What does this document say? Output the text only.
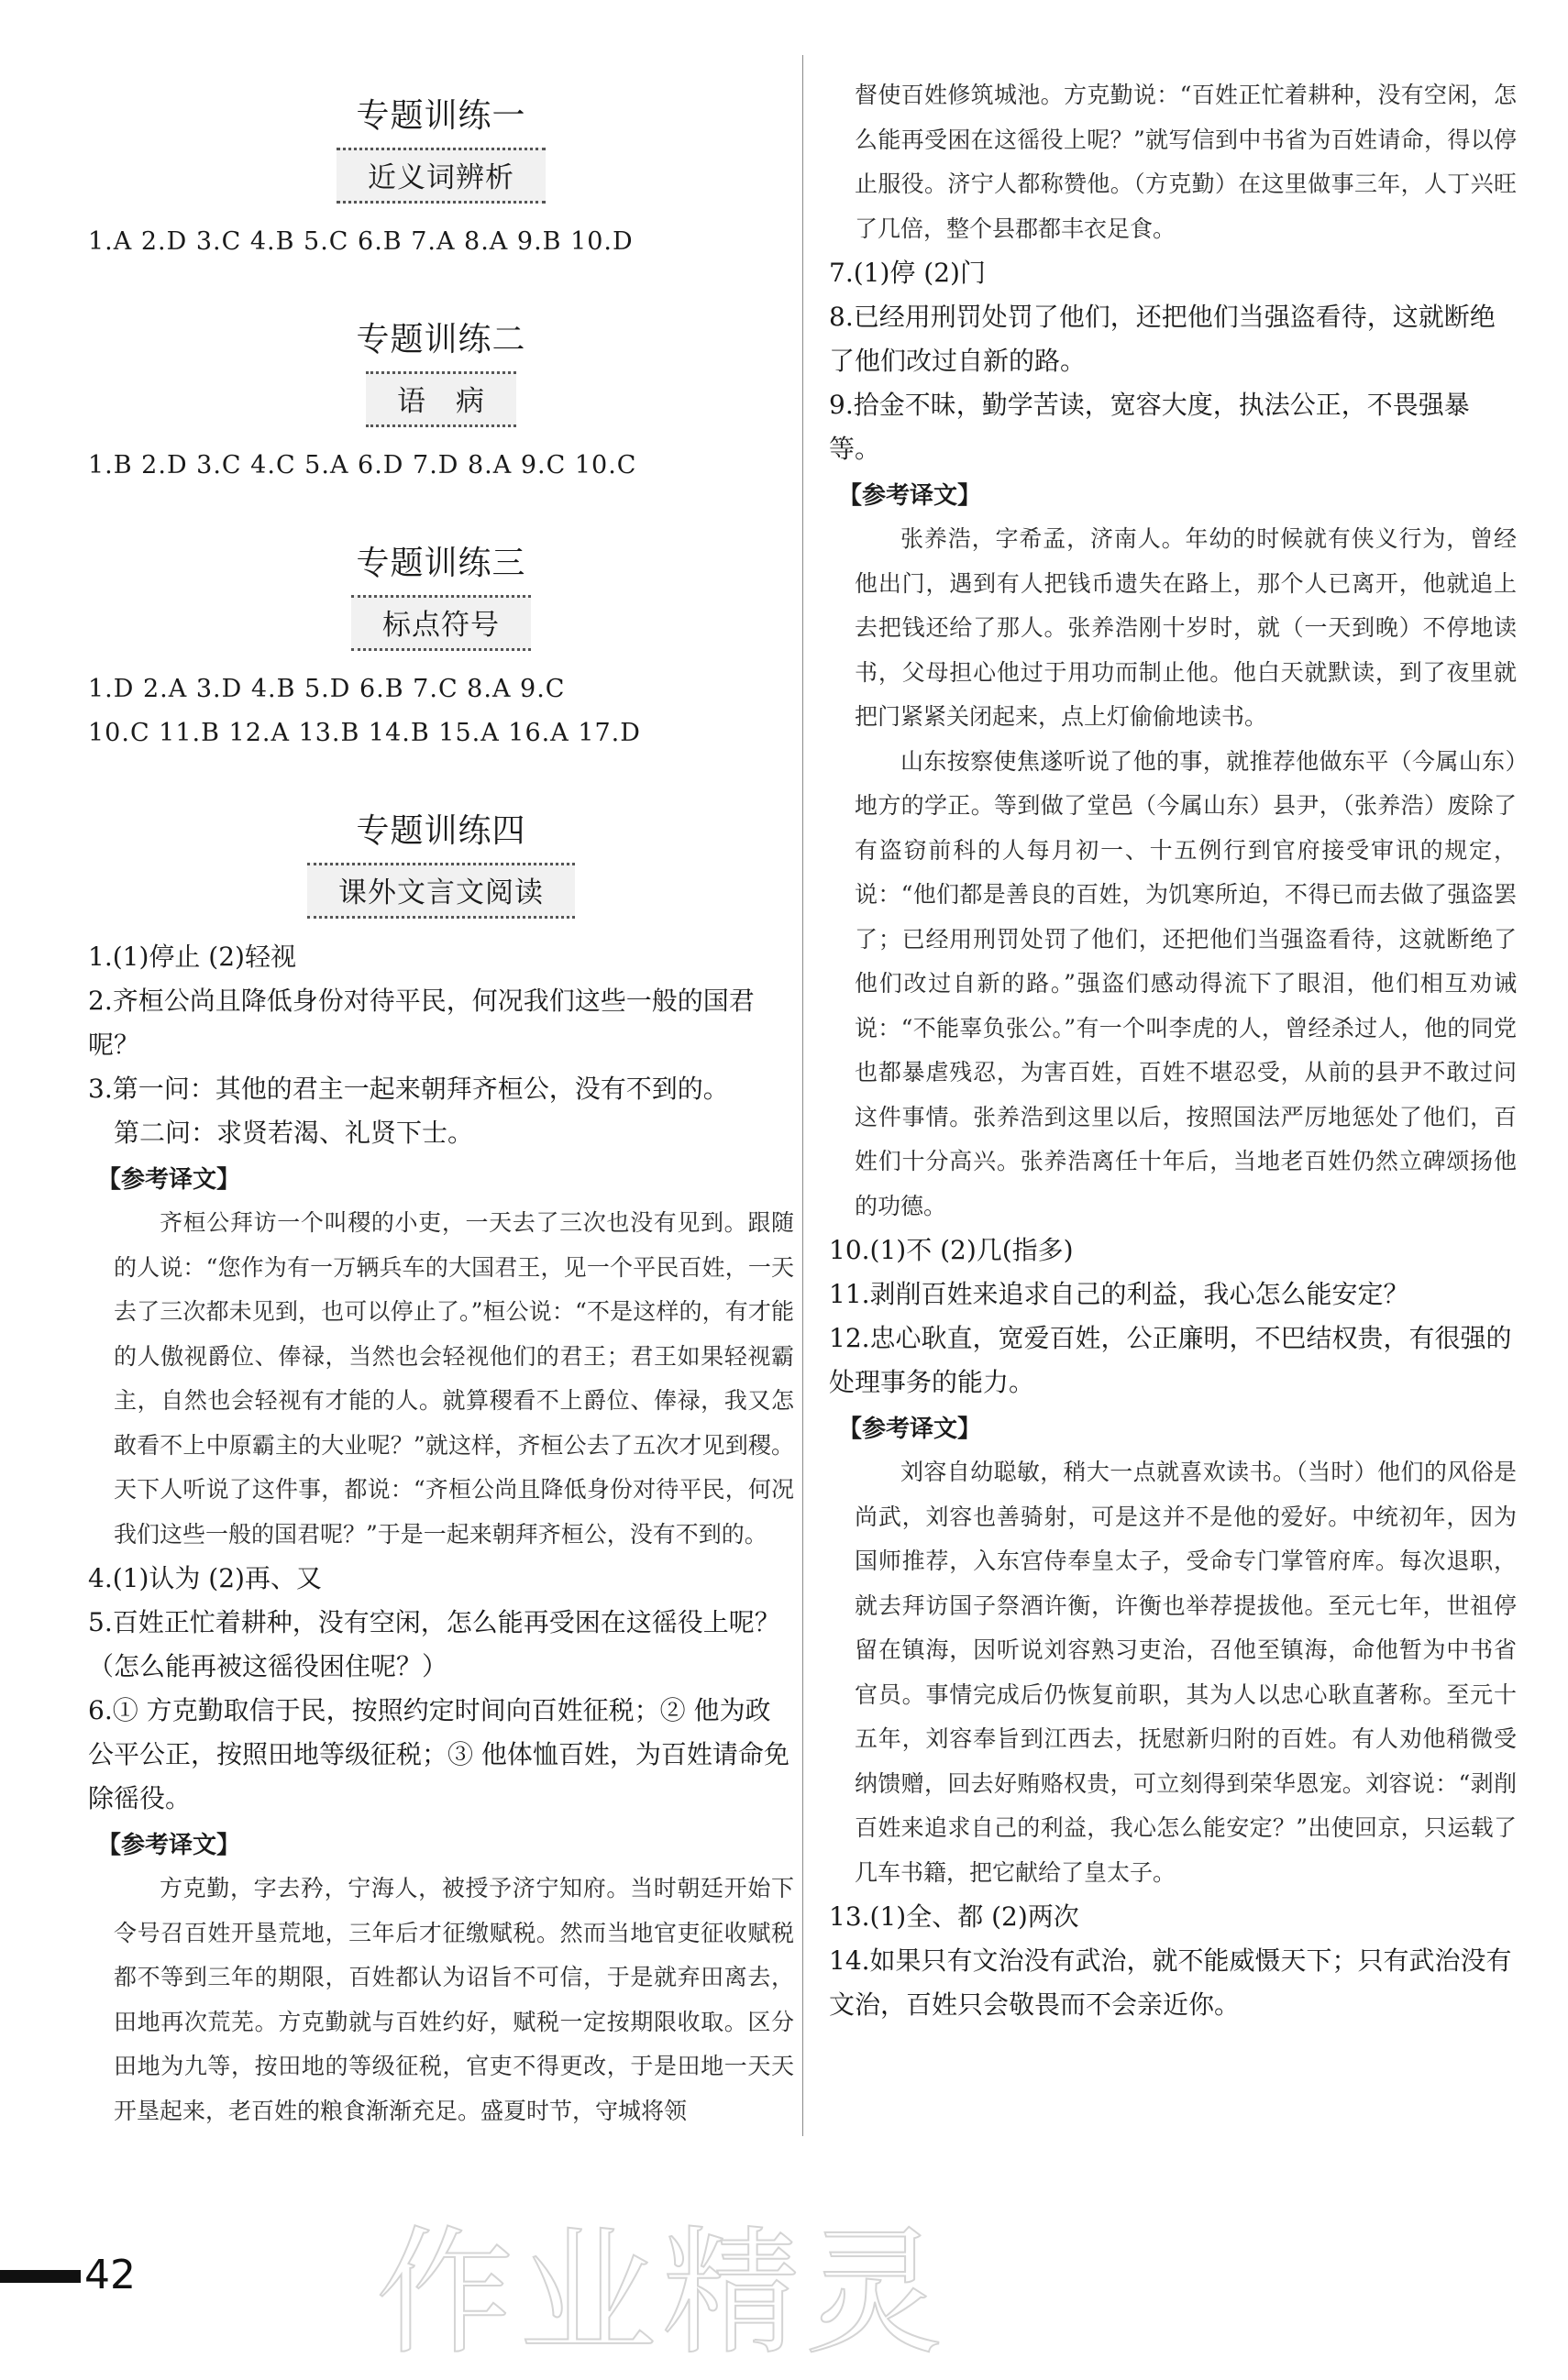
专题训练一
近义词辨析

1.A 2.D 3.C 4.B 5.C 6.B 7.A 8.A 9.B 10.D

专题训练二
语　病

1.B 2.D 3.C 4.C 5.A 6.D 7.D 8.A 9.C 10.C

专题训练三
标点符号

1.D 2.A 3.D 4.B 5.D 6.B 7.C 8.A 9.C

10.C 11.B 12.A 13.B 14.B 15.A 16.A 17.D

专题训练四
课外文言文阅读

1.(1)停止 (2)轻视

2.齐桓公尚且降低身份对待平民，何况我们这些一般的国君呢？

3.第一问：其他的君主一起来朝拜齐桓公，没有不到的。

第二问：求贤若渴、礼贤下士。

【参考译文】

齐桓公拜访一个叫稷的小吏，一天去了三次也没有见到。跟随的人说：“您作为有一万辆兵车的大国君王，见一个平民百姓，一天去了三次都未见到，也可以停止了。”桓公说：“不是这样的，有才能的人傲视爵位、俸禄，当然也会轻视他们的君王；君王如果轻视霸主，自然也会轻视有才能的人。就算稷看不上爵位、俸禄，我又怎敢看不上中原霸主的大业呢？”就这样，齐桓公去了五次才见到稷。天下人听说了这件事，都说：“齐桓公尚且降低身份对待平民，何况我们这些一般的国君呢？”于是一起来朝拜齐桓公，没有不到的。

4.(1)认为 (2)再、又

5.百姓正忙着耕种，没有空闲，怎么能再受困在这徭役上呢？（怎么能再被这徭役困住呢？）

6.① 方克勤取信于民，按照约定时间向百姓征税；② 他为政公平公正，按照田地等级征税；③ 他体恤百姓，为百姓请命免除徭役。

【参考译文】

方克勤，字去矜，宁海人，被授予济宁知府。当时朝廷开始下令号召百姓开垦荒地，三年后才征缴赋税。然而当地官吏征收赋税都不等到三年的期限，百姓都认为诏旨不可信，于是就弃田离去，田地再次荒芜。方克勤就与百姓约好，赋税一定按期限收取。区分田地为九等，按田地的等级征税，官吏不得更改，于是田地一天天开垦起来，老百姓的粮食渐渐充足。盛夏时节，守城将领

督使百姓修筑城池。方克勤说：“百姓正忙着耕种，没有空闲，怎么能再受困在这徭役上呢？”就写信到中书省为百姓请命，得以停止服役。济宁人都称赞他。（方克勤）在这里做事三年，人丁兴旺了几倍，整个县郡都丰衣足食。

7.(1)停 (2)门

8.已经用刑罚处罚了他们，还把他们当强盗看待，这就断绝了他们改过自新的路。

9.拾金不昧，勤学苦读，宽容大度，执法公正，不畏强暴等。

【参考译文】

张养浩，字希孟，济南人。年幼的时候就有侠义行为，曾经他出门，遇到有人把钱币遗失在路上，那个人已离开，他就追上去把钱还给了那人。张养浩刚十岁时，就（一天到晚）不停地读书，父母担心他过于用功而制止他。他白天就默读，到了夜里就把门紧紧关闭起来，点上灯偷偷地读书。

山东按察使焦遂听说了他的事，就推荐他做东平（今属山东）地方的学正。等到做了堂邑（今属山东）县尹，（张养浩）废除了有盗窃前科的人每月初一、十五例行到官府接受审讯的规定，说：“他们都是善良的百姓，为饥寒所迫，不得已而去做了强盗罢了；已经用刑罚处罚了他们，还把他们当强盗看待，这就断绝了他们改过自新的路。”强盗们感动得流下了眼泪，他们相互劝诫说：“不能辜负张公。”有一个叫李虎的人，曾经杀过人，他的同党也都暴虐残忍，为害百姓，百姓不堪忍受，从前的县尹不敢过问这件事情。张养浩到这里以后，按照国法严厉地惩处了他们，百姓们十分高兴。张养浩离任十年后，当地老百姓仍然立碑颂扬他的功德。

10.(1)不 (2)几(指多)

11.剥削百姓来追求自己的利益，我心怎么能安定？

12.忠心耿直，宽爱百姓，公正廉明，不巴结权贵，有很强的处理事务的能力。

【参考译文】

刘容自幼聪敏，稍大一点就喜欢读书。（当时）他们的风俗是尚武，刘容也善骑射，可是这并不是他的爱好。中统初年，因为国师推荐，入东宫侍奉皇太子，受命专门掌管府库。每次退职，就去拜访国子祭酒许衡，许衡也举荐提拔他。至元七年，世祖停留在镇海，因听说刘容熟习吏治，召他至镇海，命他暂为中书省官员。事情完成后仍恢复前职，其为人以忠心耿直著称。至元十五年，刘容奉旨到江西去，抚慰新归附的百姓。有人劝他稍微受纳馈赠，回去好贿赂权贵，可立刻得到荣华恩宠。刘容说：“剥削百姓来追求自己的利益，我心怎么能安定？”出使回京，只运载了几车书籍，把它献给了皇太子。

13.(1)全、都 (2)两次

14.如果只有文治没有武治，就不能威慑天下；只有武治没有文治，百姓只会敬畏而不会亲近你。

42 作业精灵
